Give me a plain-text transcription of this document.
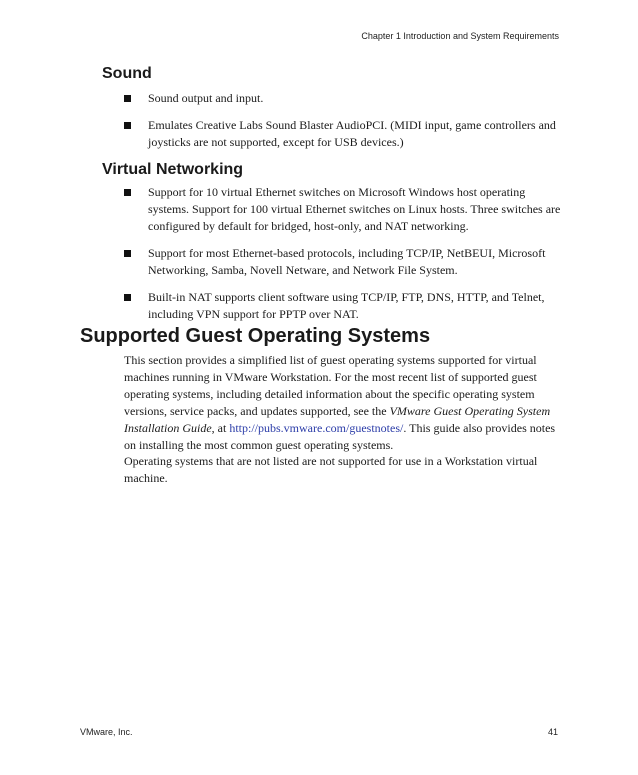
Chapter 1 Introduction and System Requirements
Sound
Sound output and input.
Emulates Creative Labs Sound Blaster AudioPCI. (MIDI input, game controllers and joysticks are not supported, except for USB devices.)
Virtual Networking
Support for 10 virtual Ethernet switches on Microsoft Windows host operating systems. Support for 100 virtual Ethernet switches on Linux hosts. Three switches are configured by default for bridged, host-only, and NAT networking.
Support for most Ethernet-based protocols, including TCP/IP, NetBEUI, Microsoft Networking, Samba, Novell Netware, and Network File System.
Built-in NAT supports client software using TCP/IP, FTP, DNS, HTTP, and Telnet, including VPN support for PPTP over NAT.
Supported Guest Operating Systems

This section provides a simplified list of guest operating systems supported for virtual machines running in VMware Workstation. For the most recent list of supported guest operating systems, including detailed information about the specific operating system versions, service packs, and updates supported, see the VMware Guest Operating System Installation Guide, at http://pubs.vmware.com/guestnotes/. This guide also provides notes on installing the most common guest operating systems.

Operating systems that are not listed are not supported for use in a Workstation virtual machine.

VMware, Inc.	41
